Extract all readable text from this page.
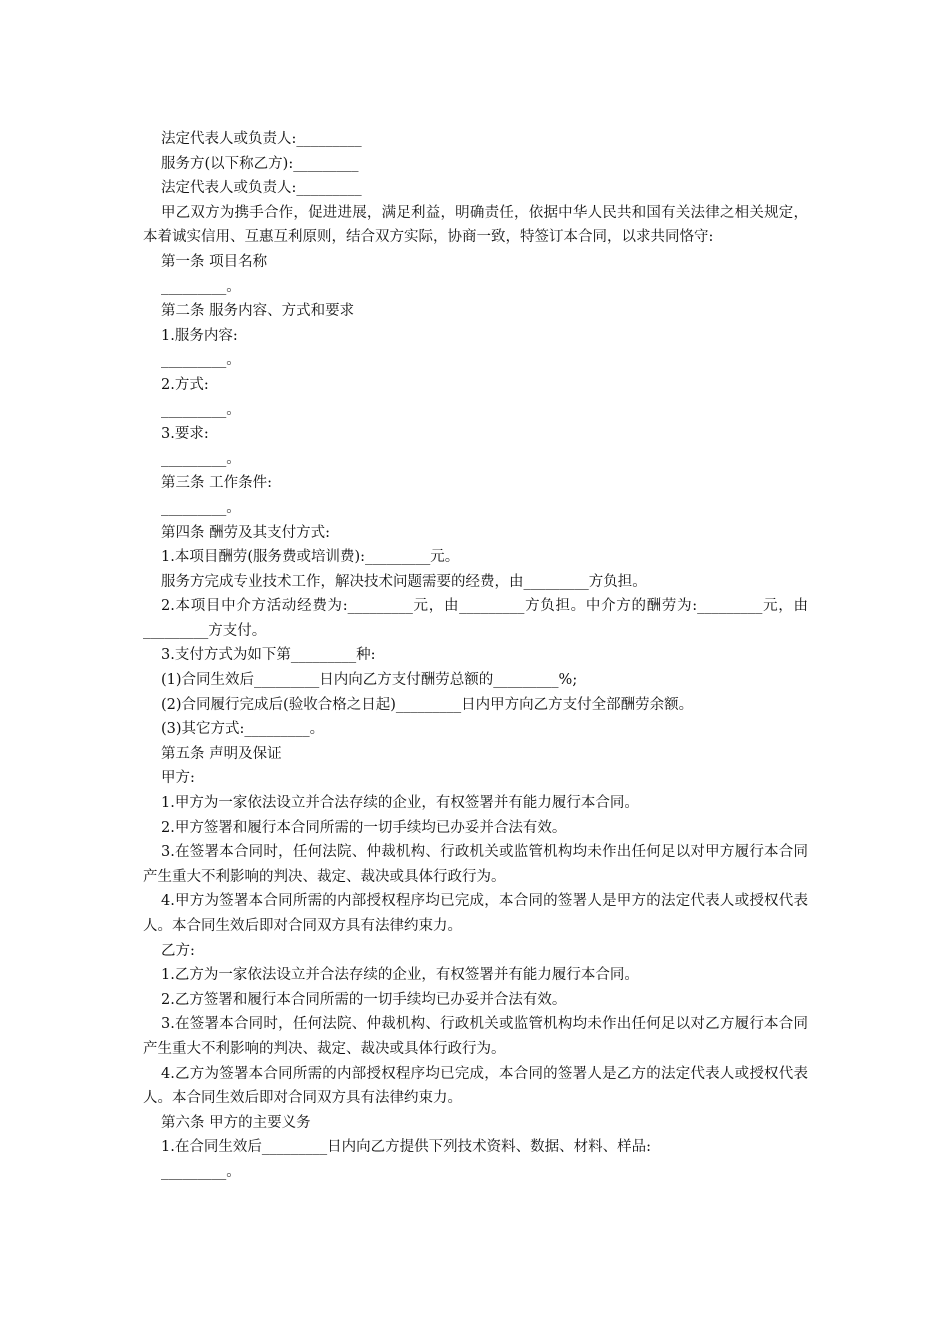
法定代表人或负责人:_________
服务方(以下称乙方):_________
法定代表人或负责人:_________
甲乙双方为携手合作，促进进展，满足利益，明确责任，依据中华人民共和国有关法律之相关规定，本着诚实信用、互惠互利原则，结合双方实际，协商一致，特签订本合同，以求共同恪守:
第一条 项目名称
_________。
第二条 服务内容、方式和要求
1.服务内容:
_________。
2.方式:
_________。
3.要求:
_________。
第三条 工作条件:
_________。
第四条 酬劳及其支付方式:
1.本项目酬劳(服务费或培训费):_________元。
服务方完成专业技术工作，解决技术问题需要的经费，由_________方负担。
2.本项目中介方活动经费为:_________元，由_________方负担。中介方的酬劳为:_________元，由_________方支付。
3.支付方式为如下第_________种:
(1)合同生效后_________日内向乙方支付酬劳总额的_________%;
(2)合同履行完成后(验收合格之日起)_________日内甲方向乙方支付全部酬劳余额。
(3)其它方式:_________。
第五条 声明及保证
甲方:
1.甲方为一家依法设立并合法存续的企业，有权签署并有能力履行本合同。
2.甲方签署和履行本合同所需的一切手续均已办妥并合法有效。
3.在签署本合同时，任何法院、仲裁机构、行政机关或监管机构均未作出任何足以对甲方履行本合同产生重大不利影响的判决、裁定、裁决或具体行政行为。
4.甲方为签署本合同所需的内部授权程序均已完成，本合同的签署人是甲方的法定代表人或授权代表人。本合同生效后即对合同双方具有法律约束力。
乙方:
1.乙方为一家依法设立并合法存续的企业，有权签署并有能力履行本合同。
2.乙方签署和履行本合同所需的一切手续均已办妥并合法有效。
3.在签署本合同时，任何法院、仲裁机构、行政机关或监管机构均未作出任何足以对乙方履行本合同产生重大不利影响的判决、裁定、裁决或具体行政行为。
4.乙方为签署本合同所需的内部授权程序均已完成，本合同的签署人是乙方的法定代表人或授权代表人。本合同生效后即对合同双方具有法律约束力。
第六条 甲方的主要义务
1.在合同生效后_________日内向乙方提供下列技术资料、数据、材料、样品:
_________。
